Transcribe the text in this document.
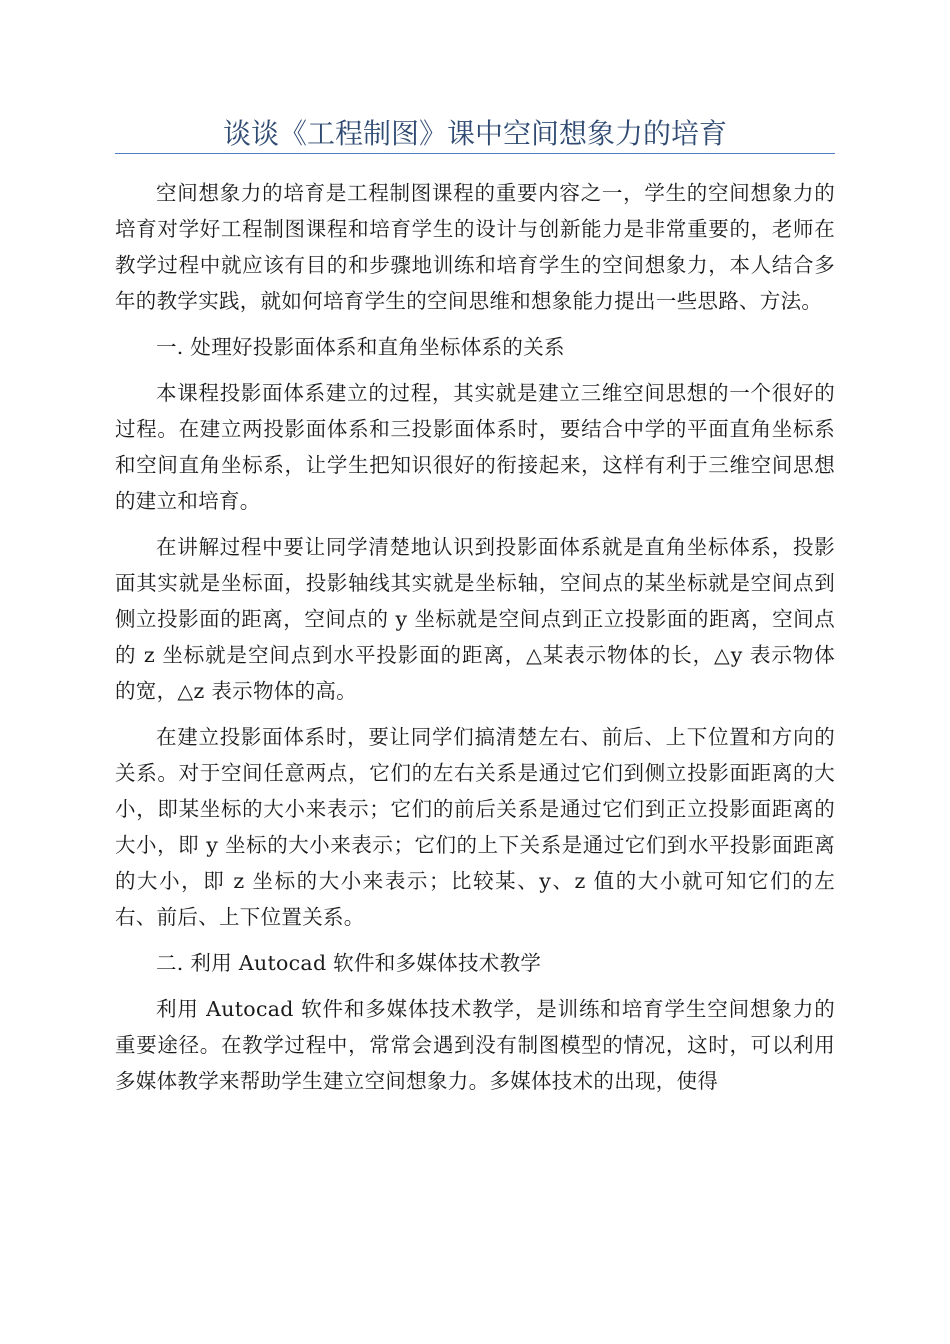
谈谈《工程制图》课中空间想象力的培育

空间想象力的培育是工程制图课程的重要内容之一，学生的空间想象力的培育对学好工程制图课程和培育学生的设计与创新能力是非常重要的，老师在教学过程中就应该有目的和步骤地训练和培育学生的空间想象力，本人结合多年的教学实践，就如何培育学生的空间思维和想象能力提出一些思路、方法。

一. 处理好投影面体系和直角坐标体系的关系

本课程投影面体系建立的过程，其实就是建立三维空间思想的一个很好的过程。在建立两投影面体系和三投影面体系时，要结合中学的平面直角坐标系和空间直角坐标系，让学生把知识很好的衔接起来，这样有利于三维空间思想的建立和培育。

在讲解过程中要让同学清楚地认识到投影面体系就是直角坐标体系，投影面其实就是坐标面，投影轴线其实就是坐标轴，空间点的某坐标就是空间点到侧立投影面的距离，空间点的 y 坐标就是空间点到正立投影面的距离，空间点的 z 坐标就是空间点到水平投影面的距离，△某表示物体的长，△y 表示物体的宽，△z 表示物体的高。

在建立投影面体系时，要让同学们搞清楚左右、前后、上下位置和方向的关系。对于空间任意两点，它们的左右关系是通过它们到侧立投影面距离的大小，即某坐标的大小来表示；它们的前后关系是通过它们到正立投影面距离的大小，即 y 坐标的大小来表示；它们的上下关系是通过它们到水平投影面距离的大小，即 z 坐标的大小来表示；比较某、y、z 值的大小就可知它们的左右、前后、上下位置关系。

二. 利用 Autocad 软件和多媒体技术教学

利用 Autocad 软件和多媒体技术教学，是训练和培育学生空间想象力的重要途径。在教学过程中，常常会遇到没有制图模型的情况，这时，可以利用多媒体教学来帮助学生建立空间想象力。多媒体技术的出现，使得
